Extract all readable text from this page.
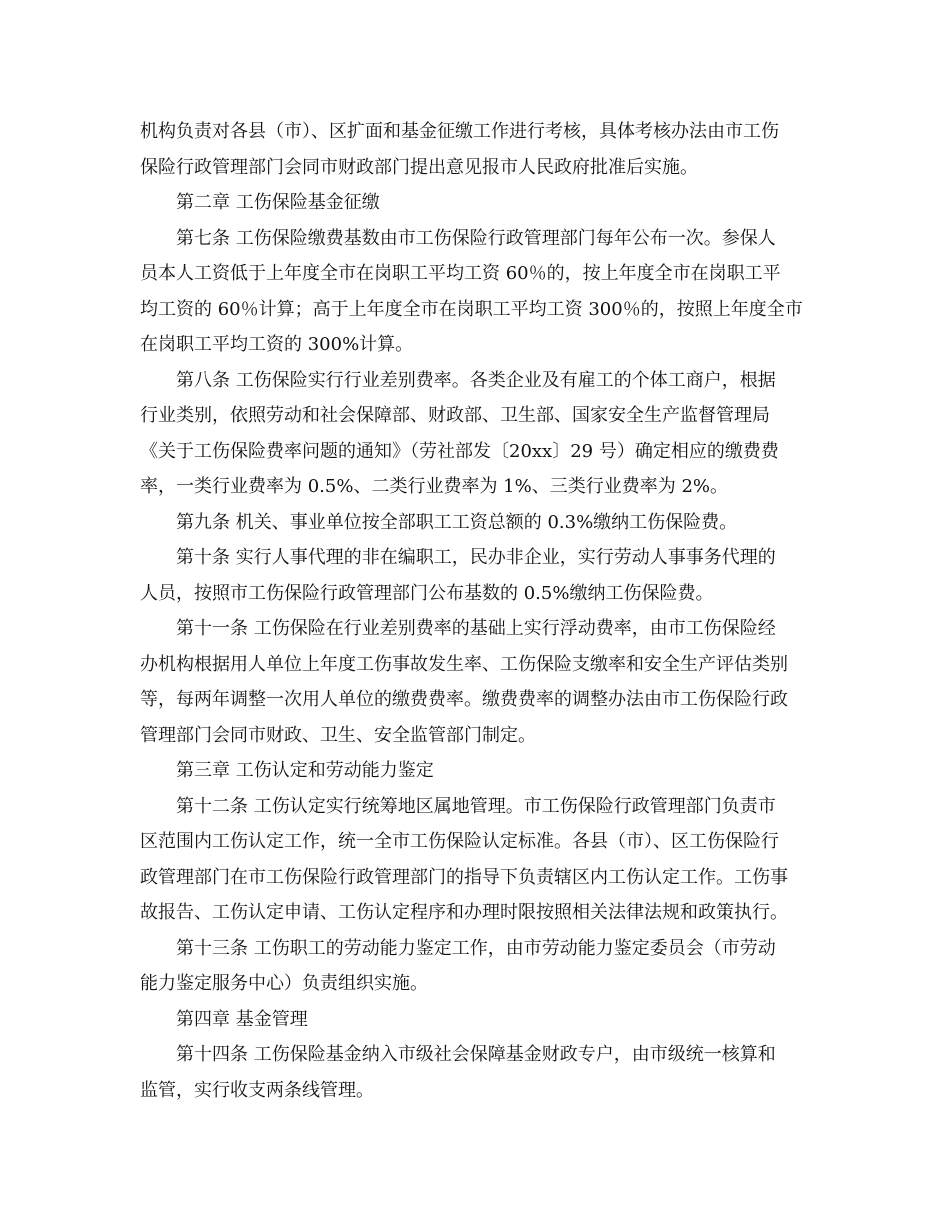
机构负责对各县（市）、区扩面和基金征缴工作进行考核，具体考核办法由市工伤
保险行政管理部门会同市财政部门提出意见报市人民政府批准后实施。

第二章 工伤保险基金征缴

第七条 工伤保险缴费基数由市工伤保险行政管理部门每年公布一次。参保人
员本人工资低于上年度全市在岗职工平均工资 60％的，按上年度全市在岗职工平
均工资的 60％计算；高于上年度全市在岗职工平均工资 300％的，按照上年度全市
在岗职工平均工资的 300%计算。

第八条 工伤保险实行行业差别费率。各类企业及有雇工的个体工商户，根据
行业类别，依照劳动和社会保障部、财政部、卫生部、国家安全生产监督管理局
《关于工伤保险费率问题的通知》（劳社部发〔20xx〕29 号）确定相应的缴费费
率，一类行业费率为 0.5%、二类行业费率为 1%、三类行业费率为 2%。

第九条 机关、事业单位按全部职工工资总额的 0.3%缴纳工伤保险费。

第十条 实行人事代理的非在编职工，民办非企业，实行劳动人事事务代理的
人员，按照市工伤保险行政管理部门公布基数的 0.5%缴纳工伤保险费。

第十一条 工伤保险在行业差别费率的基础上实行浮动费率，由市工伤保险经
办机构根据用人单位上年度工伤事故发生率、工伤保险支缴率和安全生产评估类别
等，每两年调整一次用人单位的缴费费率。缴费费率的调整办法由市工伤保险行政
管理部门会同市财政、卫生、安全监管部门制定。

第三章 工伤认定和劳动能力鉴定

第十二条 工伤认定实行统筹地区属地管理。市工伤保险行政管理部门负责市
区范围内工伤认定工作，统一全市工伤保险认定标准。各县（市）、区工伤保险行
政管理部门在市工伤保险行政管理部门的指导下负责辖区内工伤认定工作。工伤事
故报告、工伤认定申请、工伤认定程序和办理时限按照相关法律法规和政策执行。

第十三条 工伤职工的劳动能力鉴定工作，由市劳动能力鉴定委员会（市劳动
能力鉴定服务中心）负责组织实施。

第四章 基金管理

第十四条 工伤保险基金纳入市级社会保障基金财政专户，由市级统一核算和
监管，实行收支两条线管理。
